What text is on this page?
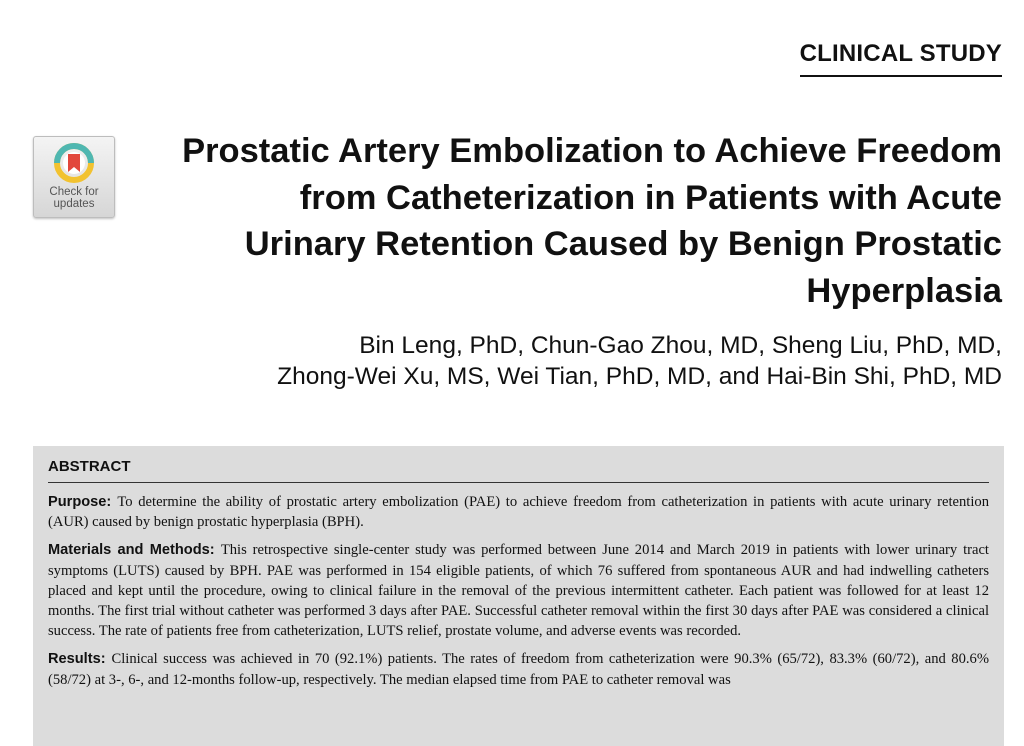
CLINICAL STUDY
Check for
updates
Prostatic Artery Embolization to Achieve Freedom from Catheterization in Patients with Acute Urinary Retention Caused by Benign Prostatic Hyperplasia
Bin Leng, PhD, Chun-Gao Zhou, MD, Sheng Liu, PhD, MD,
Zhong-Wei Xu, MS, Wei Tian, PhD, MD, and Hai-Bin Shi, PhD, MD
ABSTRACT

Purpose: To determine the ability of prostatic artery embolization (PAE) to achieve freedom from catheterization in patients with acute urinary retention (AUR) caused by benign prostatic hyperplasia (BPH).

Materials and Methods: This retrospective single-center study was performed between June 2014 and March 2019 in patients with lower urinary tract symptoms (LUTS) caused by BPH. PAE was performed in 154 eligible patients, of which 76 suffered from spontaneous AUR and had indwelling catheters placed and kept until the procedure, owing to clinical failure in the removal of the previous intermittent catheter. Each patient was followed for at least 12 months. The first trial without catheter was performed 3 days after PAE. Successful catheter removal within the first 30 days after PAE was considered a clinical success. The rate of patients free from catheterization, LUTS relief, prostate volume, and adverse events was recorded.

Results: Clinical success was achieved in 70 (92.1%) patients. The rates of freedom from catheterization were 90.3% (65/72), 83.3% (60/72), and 80.6% (58/72) at 3-, 6-, and 12-months follow-up, respectively. The median elapsed time from PAE to catheter removal was
